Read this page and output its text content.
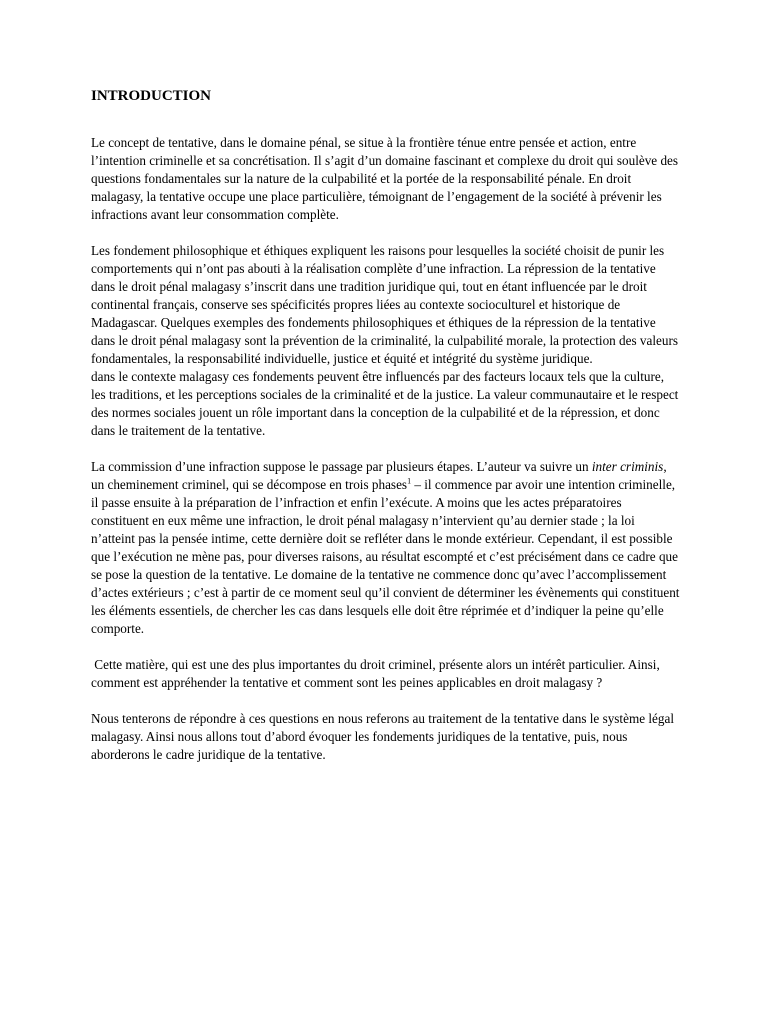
INTRODUCTION

Le concept de tentative, dans le domaine pénal, se situe à la frontière ténue entre pensée et action, entre l’intention criminelle et sa concrétisation. Il s’agit d’un domaine fascinant et complexe du droit qui soulève des questions fondamentales sur la nature de la culpabilité et la portée de la responsabilité pénale. En droit malagasy, la tentative occupe une place particulière, témoignant de l’engagement de la société à prévenir les infractions avant leur consommation complète.

Les fondement philosophique et éthiques expliquent les raisons pour lesquelles la société choisit de punir les comportements qui n’ont pas abouti à la réalisation complète d’une infraction. La répression de la tentative dans le droit pénal malagasy s’inscrit dans une tradition juridique qui, tout en étant influencée par le droit continental français, conserve ses spécificités propres liées au contexte socioculturel et historique de Madagascar. Quelques exemples des fondements philosophiques et éthiques de la répression de la tentative dans le droit pénal malagasy sont la prévention de la criminalité, la culpabilité morale, la protection des valeurs fondamentales, la responsabilité individuelle, justice et équité et intégrité du système juridique.

dans le contexte malagasy ces fondements peuvent être influencés par des facteurs locaux tels que la culture, les traditions, et les perceptions sociales de la criminalité et de la justice. La valeur communautaire et le respect des normes sociales jouent un rôle important dans la conception de la culpabilité et de la répression, et donc dans le traitement de la tentative.

La commission d’une infraction suppose le passage par plusieurs étapes. L’auteur va suivre un inter criminis, un cheminement criminel, qui se décompose en trois phases$^1$ – il commence par avoir une intention criminelle, il passe ensuite à la préparation de l’infraction et enfin l’exécute. A moins que les actes préparatoires constituent en eux même une infraction, le droit pénal malagasy n’intervient qu’au dernier stade ; la loi n’atteint pas la pensée intime, cette dernière doit se refléter dans le monde extérieur. Cependant, il est possible que l’exécution ne mène pas, pour diverses raisons, au résultat escompté et c’est précisément dans ce cadre que se pose la question de la tentative. Le domaine de la tentative ne commence donc qu’avec l’accomplissement d’actes extérieurs ; c’est à partir de ce moment seul qu’il convient de déterminer les évènements qui constituent les éléments essentiels, de chercher les cas dans lesquels elle doit être réprimée et d’indiquer la peine qu’elle comporte.

Cette matière, qui est une des plus importantes du droit criminel, présente alors un intérêt particulier. Ainsi, comment est appréhender la tentative et comment sont les peines applicables en droit malagasy ?

Nous tenterons de répondre à ces questions en nous referons au traitement de la tentative dans le système légal malagasy. Ainsi nous allons tout d’abord évoquer les fondements juridiques de la tentative, puis, nous aborderons le cadre juridique de la tentative.
